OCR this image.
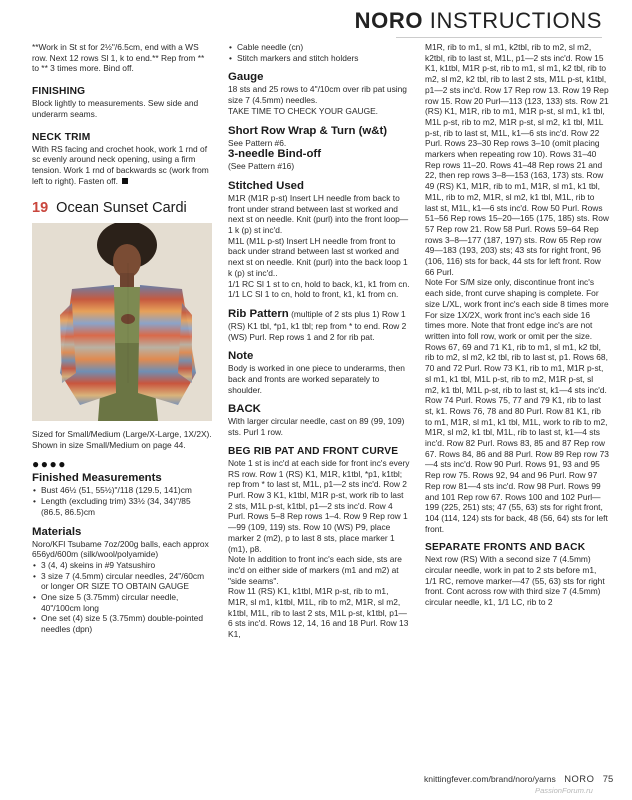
NORO INSTRUCTIONS

**Work in St st for 2½"/6.5cm, end with a WS row. Next 12 rows Sl 1, k to end.** Rep from ** to ** 3 times more. Bind off.

FINISHING

Block lightly to measurements. Sew side and underarm seams.

NECK TRIM

With RS facing and crochet hook, work 1 rnd of sc evenly around neck opening, using a firm tension. Work 1 rnd of backwards sc (work from left to right). Fasten off.

19 Ocean Sunset Cardi

Sized for Small/Medium (Large/X-Large, 1X/2X). Shown in size Small/Medium on page 44.

●●●●

Finished Measurements

• Bust 46½ (51, 55½)"/118 (129.5, 141)cm

• Length (excluding trim) 33½ (34, 34)"/85 (86.5, 86.5)cm

Materials

Noro/KFI Tsubame 7oz/200g balls, each approx 656yd/600m (silk/wool/polyamide)

• 3 (4, 4) skeins in #9 Yatsushiro

• 3 size 7 (4.5mm) circular needles, 24"/60cm or longer OR SIZE TO OBTAIN GAUGE

• One size 5 (3.75mm) circular needle, 40"/100cm long

• One set (4) size 5 (3.75mm) double-pointed needles (dpn)

• Cable needle (cn)

• Stitch markers and stitch holders

Gauge

18 sts and 25 rows to 4"/10cm over rib pat using size 7 (4.5mm) needles.

TAKE TIME TO CHECK YOUR GAUGE.

Short Row Wrap & Turn (w&t)

See Pattern #6.

3-needle Bind-off

(See Pattern #16)

Stitched Used

M1R (M1R p-st) Insert LH needle from back to front under strand between last st worked and next st on needle. Knit (purl) into the front loop—1 k (p) st inc'd.

M1L (M1L p-st) Insert LH needle from front to back under strand between last st worked and next st on needle. Knit (purl) into the back loop 1 k (p) st inc'd..

1/1 RC Sl 1 st to cn, hold to back, k1, k1 from cn.

1/1 LC Sl 1 to cn, hold to front, k1, k1 from cn.

Rib Pattern (multiple of 2 sts plus 1) Row 1 (RS) K1 tbl, *p1, k1 tbl; rep from * to end. Row 2 (WS) Purl. Rep rows 1 and 2 for rib pat.

Note

Body is worked in one piece to underarms, then back and fronts are worked separately to shoulder.

BACK

With larger circular needle, cast on 89 (99, 109) sts. Purl 1 row.

BEG RIB PAT AND FRONT CURVE

Note 1 st is inc'd at each side for front inc's every RS row. Row 1 (RS) K1, M1R, k1tbl, *p1, k1tbl; rep from * to last st, M1L, p1—2 sts inc'd. Row 2 Purl. Row 3 K1, k1tbl, M1R p-st, work rib to last 2 sts, M1L p-st, k1tbl, p1—2 sts inc'd. Row 4 Purl. Rows 5–8 Rep rows 1–4. Row 9 Rep row 1—99 (109, 119) sts. Row 10 (WS) P9, place marker 2 (m2), p to last 8 sts, place marker 1 (m1), p8.

Note In addition to front inc's each side, sts are inc'd on either side of markers (m1 and m2) at "side seams".

Row 11 (RS) K1, k1tbl, M1R p-st, rib to m1, M1R, sl m1, k1tbl, M1L, rib to m2, M1R, sl m2, k1tbl, M1L, rib to last 2 sts, M1L p-st, k1tbl, p1—6 sts inc'd. Rows 12, 14, 16 and 18 Purl. Row 13 K1,

M1R, rib to m1, sl m1, k2tbl, rib to m2, sl m2, k2tbl, rib to last st, M1L, p1—2 sts inc'd. Row 15 K1, k1tbl, M1R p-st, rib to m1, sl m1, k2 tbl, rib to m2, sl m2, k2 tbl, rib to last 2 sts, M1L p-st, k1tbl, p1—2 sts inc'd. Row 17 Rep row 13. Row 19 Rep row 15. Row 20 Purl—113 (123, 133) sts. Row 21 (RS) K1, M1R, rib to m1, M1R p-st, sl m1, k1 tbl, M1L p-st, rib to m2, M1R p-st, sl m2, k1 tbl, M1L p-st, rib to last st, M1L, k1—6 sts inc'd. Row 22 Purl. Rows 23–30 Rep rows 3–10 (omit placing markers when repeating row 10). Rows 31–40 Rep rows 11–20. Rows 41–48 Rep rows 21 and 22, then rep rows 3–8—153 (163, 173) sts. Row 49 (RS) K1, M1R, rib to m1, M1R, sl m1, k1 tbl, M1L, rib to m2, M1R, sl m2, k1 tbl, M1L, rib to last st, M1L, k1—6 sts inc'd. Row 50 Purl. Rows 51–56 Rep rows 15–20—165 (175, 185) sts. Row 57 Rep row 21. Row 58 Purl. Rows 59–64 Rep rows 3–8—177 (187, 197) sts. Row 65 Rep row 49—183 (193, 203) sts; 43 sts for right front, 96 (106, 116) sts for back, 44 sts for left front. Row 66 Purl.

Note For S/M size only, discontinue front inc's each side, front curve shaping is complete. For size L/XL, work front inc's each side 8 times more For size 1X/2X, work front inc's each side 16 times more. Note that front edge inc's are not written into foll row, work or omit per the size.

Rows 67, 69 and 71 K1, rib to m1, sl m1, k2 tbl, rib to m2, sl m2, k2 tbl, rib to last st, p1. Rows 68, 70 and 72 Purl. Row 73 K1, rib to m1, M1R p-st, sl m1, k1 tbl, M1L p-st, rib to m2, M1R p-st, sl m2, k1 tbl, M1L p-st, rib to last st, k1—4 sts inc'd. Row 74 Purl. Rows 75, 77 and 79 K1, rib to last st, k1. Rows 76, 78 and 80 Purl. Row 81 K1, rib to m1, M1R, sl m1, k1 tbl, M1L, work to rib to m2, M1R, sl m2, k1 tbl, M1L, rib to last st, k1—4 sts inc'd. Row 82 Purl. Rows 83, 85 and 87 Rep row 67. Rows 84, 86 and 88 Purl. Row 89 Rep row 73—4 sts inc'd. Row 90 Purl. Rows 91, 93 and 95 Rep row 75. Rows 92, 94 and 96 Purl. Row 97 Rep row 81—4 sts inc'd. Row 98 Purl. Rows 99 and 101 Rep row 67. Rows 100 and 102 Purl—199 (225, 251) sts; 47 (55, 63) sts for right front, 104 (114, 124) sts for back, 48 (56, 64) sts for left front.

SEPARATE FRONTS AND BACK

Next row (RS) With a second size 7 (4.5mm) circular needle, work in pat to 2 sts before m1, 1/1 RC, remove marker—47 (55, 63) sts for right front. Cont across row with third size 7 (4.5mm) circular needle, k1, 1/1 LC, rib to 2

knittingfever.com/brand/noro/yarns NORO 75
PassionForum.ru
